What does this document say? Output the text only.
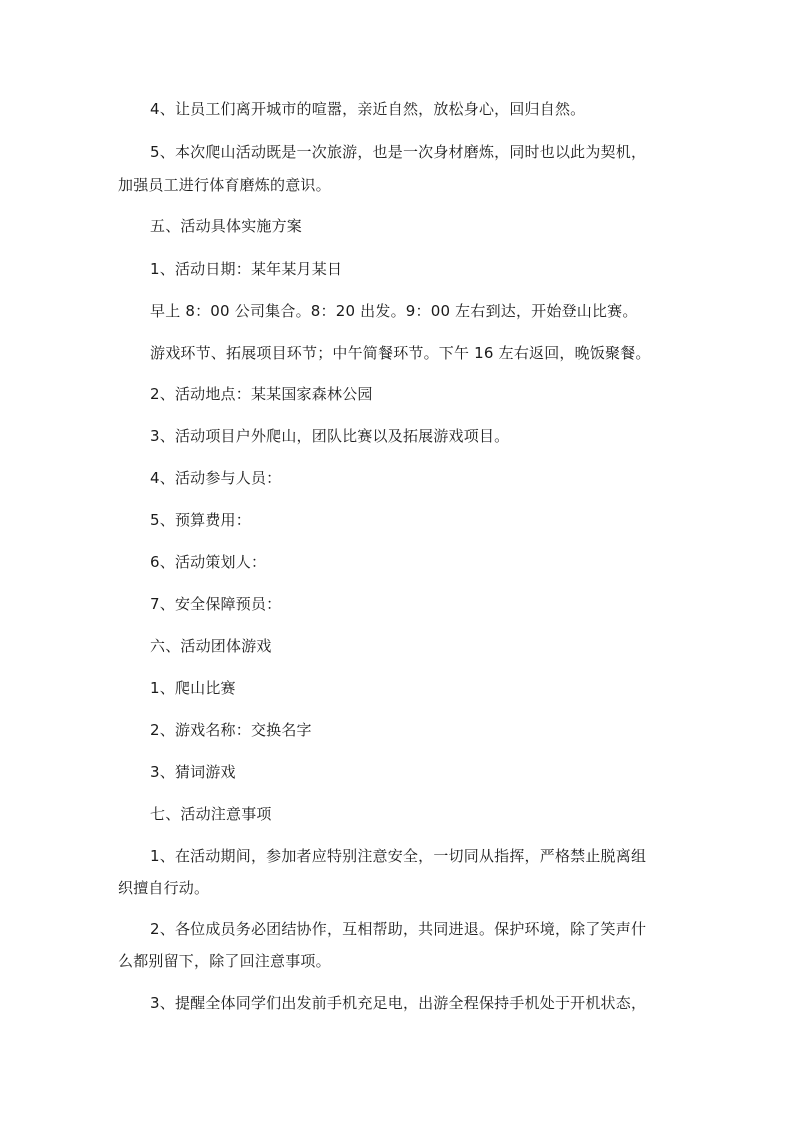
4、让员工们离开城市的喧嚣，亲近自然，放松身心，回归自然。
5、本次爬山活动既是一次旅游，也是一次身材磨炼，同时也以此为契机，
加强员工进行体育磨炼的意识。
五、活动具体实施方案
1、活动日期：某年某月某日
早上 8：00 公司集合。8：20 出发。9：00 左右到达，开始登山比赛。
游戏环节、拓展项目环节；中午简餐环节。下午 16 左右返回，晚饭聚餐。
2、活动地点：某某国家森林公园
3、活动项目户外爬山，团队比赛以及拓展游戏项目。
4、活动参与人员：
5、预算费用：
6、活动策划人：
7、安全保障预员：
六、活动团体游戏
1、爬山比赛
2、游戏名称：交换名字
3、猜词游戏
七、活动注意事项
1、在活动期间，参加者应特别注意安全，一切同从指挥，严格禁止脱离组
织擅自行动。
2、各位成员务必团结协作，互相帮助，共同进退。保护环境，除了笑声什
么都别留下，除了回注意事项。
3、提醒全体同学们出发前手机充足电，出游全程保持手机处于开机状态，
